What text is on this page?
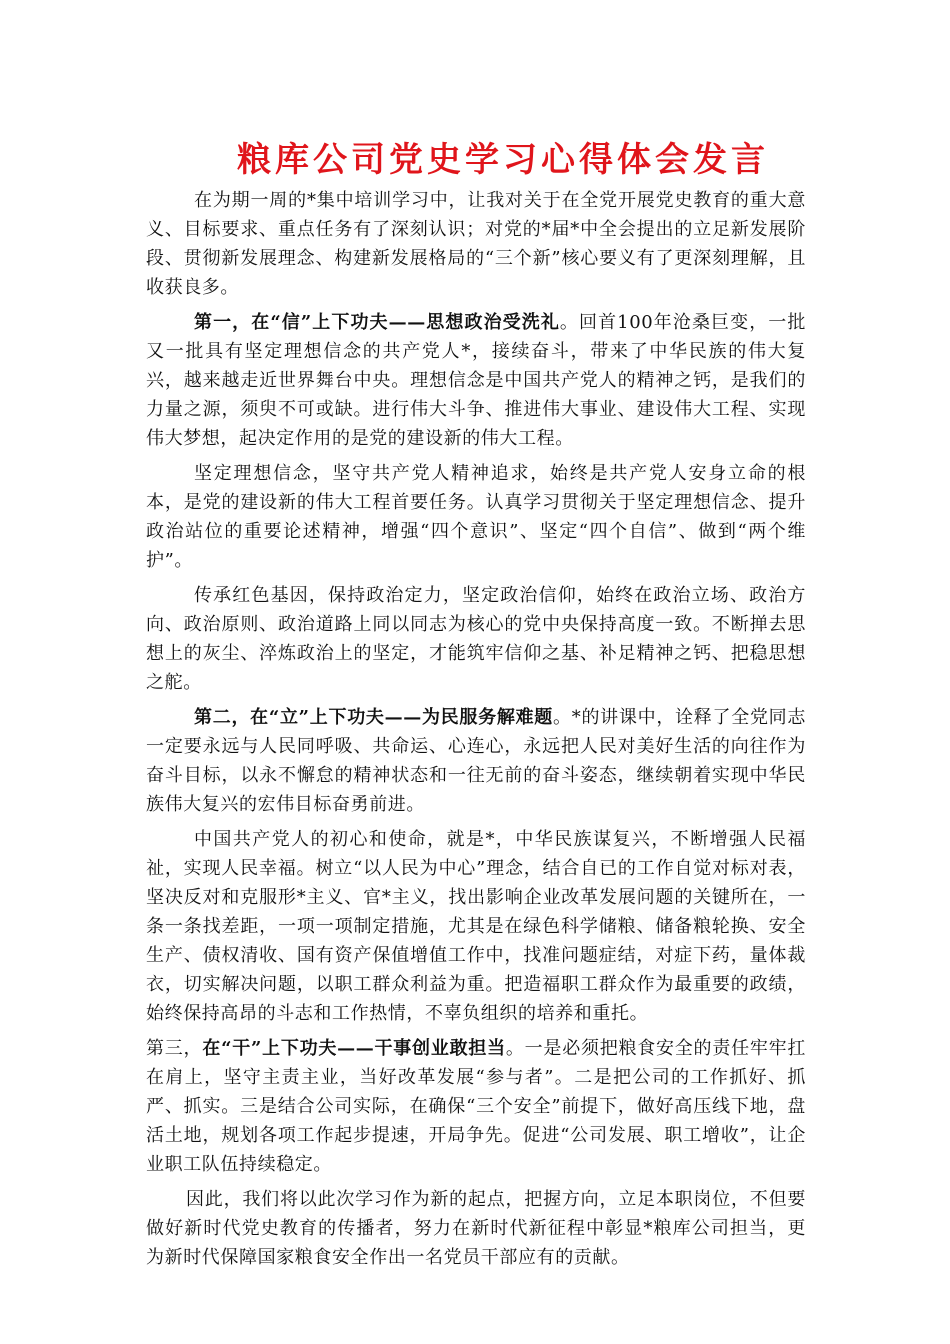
粮库公司党史学习心得体会发言

在为期一周的*集中培训学习中，让我对关于在全党开展党史教育的重大意义、目标要求、重点任务有了深刻认识；对党的*届*中全会提出的立足新发展阶段、贯彻新发展理念、构建新发展格局的“三个新”核心要义有了更深刻理解，且收获良多。

第一，在“信”上下功夫——思想政治受洗礼。回首100年沧桑巨变，一批又一批具有坚定理想信念的共产党人*，接续奋斗，带来了中华民族的伟大复兴，越来越走近世界舞台中央。理想信念是中国共产党人的精神之钙，是我们的力量之源，须臾不可或缺。进行伟大斗争、推进伟大事业、建设伟大工程、实现伟大梦想，起决定作用的是党的建设新的伟大工程。

坚定理想信念，坚守共产党人精神追求，始终是共产党人安身立命的根本，是党的建设新的伟大工程首要任务。认真学习贯彻关于坚定理想信念、提升政治站位的重要论述精神，增强“四个意识”、坚定“四个自信”、做到“两个维护”。

传承红色基因，保持政治定力，坚定政治信仰，始终在政治立场、政治方向、政治原则、政治道路上同以同志为核心的党中央保持高度一致。不断掸去思想上的灰尘、淬炼政治上的坚定，才能筑牢信仰之基、补足精神之钙、把稳思想之舵。

第二，在“立”上下功夫——为民服务解难题。*的讲课中，诠释了全党同志一定要永远与人民同呼吸、共命运、心连心，永远把人民对美好生活的向往作为奋斗目标，以永不懈怠的精神状态和一往无前的奋斗姿态，继续朝着实现中华民族伟大复兴的宏伟目标奋勇前进。

中国共产党人的初心和使命，就是*，中华民族谋复兴，不断增强人民福祉，实现人民幸福。树立“以人民为中心”理念，结合自已的工作自觉对标对表，坚决反对和克服形*主义、官*主义，找出影响企业改革发展问题的关键所在，一条一条找差距，一项一项制定措施，尤其是在绿色科学储粮、储备粮轮换、安全生产、债权清收、国有资产保值增值工作中，找准问题症结，对症下药，量体裁衣，切实解决问题，以职工群众利益为重。把造福职工群众作为最重要的政绩，始终保持高昂的斗志和工作热情，不辜负组织的培养和重托。

第三，在“干”上下功夫——干事创业敢担当。一是必须把粮食安全的责任牢牢扛在肩上，坚守主责主业，当好改革发展“参与者”。二是把公司的工作抓好、抓严、抓实。三是结合公司实际，在确保“三个安全”前提下，做好高压线下地，盘活土地，规划各项工作起步提速，开局争先。促进“公司发展、职工增收”，让企业职工队伍持续稳定。

因此，我们将以此次学习作为新的起点，把握方向，立足本职岗位，不但要做好新时代党史教育的传播者，努力在新时代新征程中彰显*粮库公司担当，更为新时代保障国家粮食安全作出一名党员干部应有的贡献。
